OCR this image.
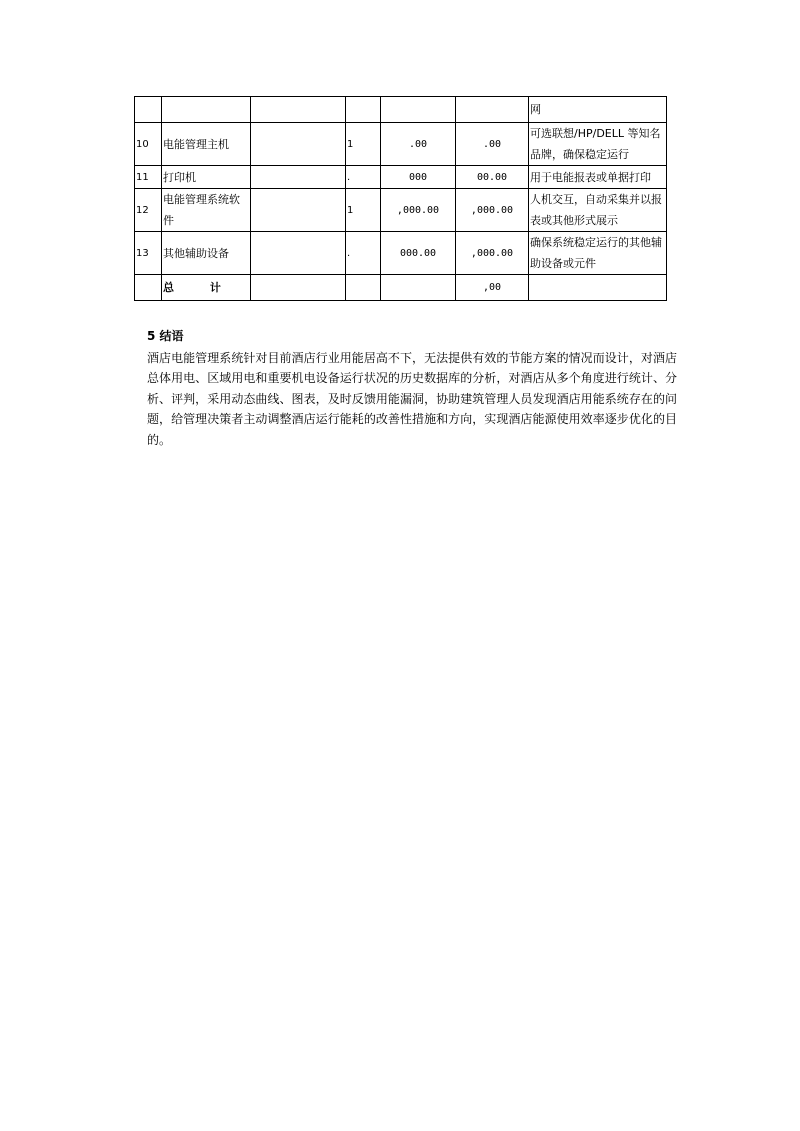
						网
10	电能管理主机		1	.00	.00	可选联想/HP/DELL 等知名品牌，确保稳定运行
11	打印机		.	000	00.00	用于电能报表或单据打印
12	电能管理系统软件		1	,000.00	,000.00	人机交互，自动采集并以报表或其他形式展示
13	其他辅助设备		.	000.00	,000.00	确保系统稳定运行的其他辅助设备或元件
	总 计				,00	
5 结语

酒店电能管理系统针对目前酒店行业用能居高不下，无法提供有效的节能方案的情况而设计，对酒店总体用电、区域用电和重要机电设备运行状况的历史数据库的分析，对酒店从多个角度进行统计、分析、评判，采用动态曲线、图表，及时反馈用能漏洞，协助建筑管理人员发现酒店用能系统存在的问题，给管理决策者主动调整酒店运行能耗的改善性措施和方向，实现酒店能源使用效率逐步优化的目的。
